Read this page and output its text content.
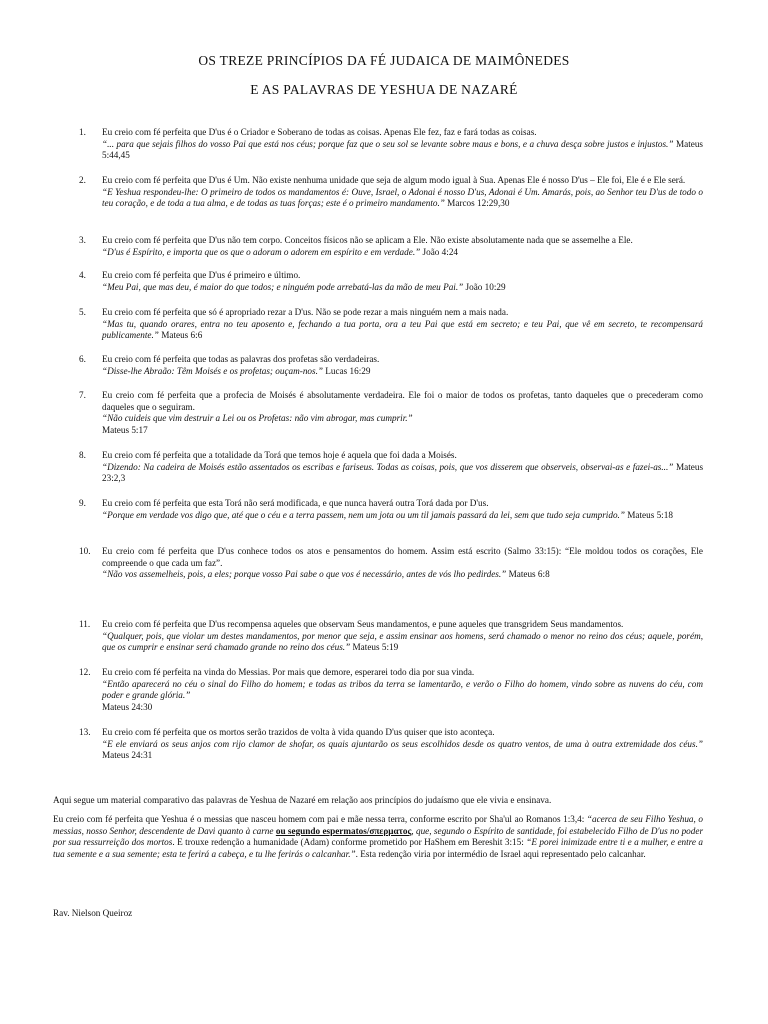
OS TREZE PRINCÍPIOS DA FÉ JUDAICA DE MAIMÔNEDES
E AS PALAVRAS DE YESHUA DE NAZARÉ
1. Eu creio com fé perfeita que D'us é o Criador e Soberano de todas as coisas. Apenas Ele fez, faz e fará todas as coisas.

“... para que sejais filhos do vosso Pai que está nos céus; porque faz que o seu sol se levante sobre maus e bons, e a chuva desça sobre justos e injustos.” Mateus 5:44,45

2. Eu creio com fé perfeita que D'us é Um. Não existe nenhuma unidade que seja de algum modo igual à Sua. Apenas Ele é nosso D'us – Ele foi, Ele é e Ele será.

“E Yeshua respondeu-lhe: O primeiro de todos os mandamentos é: Ouve, Israel, o Adonai é nosso D'us, Adonai é Um. Amarás, pois, ao Senhor teu D'us de todo o teu coração, e de toda a tua alma, e de todas as tuas forças; este é o primeiro mandamento.” Marcos 12:29,30

3. Eu creio com fé perfeita que D'us não tem corpo. Conceitos físicos não se aplicam a Ele. Não existe absolutamente nada que se assemelhe a Ele.

“D'us é Espírito, e importa que os que o adoram o adorem em espírito e em verdade.” João 4:24

4. Eu creio com fé perfeita que D'us é primeiro e último.

“Meu Pai, que mas deu, é maior do que todos; e ninguém pode arrebatá-las da mão de meu Pai.” João 10:29

5. Eu creio com fé perfeita que só é apropriado rezar a D'us. Não se pode rezar a mais ninguém nem a mais nada.

“Mas tu, quando orares, entra no teu aposento e, fechando a tua porta, ora a teu Pai que está em secreto; e teu Pai, que vê em secreto, te recompensará publicamente.” Mateus 6:6

6. Eu creio com fé perfeita que todas as palavras dos profetas são verdadeiras.

“Disse-lhe Abraão: Têm Moisés e os profetas; ouçam-nos.” Lucas 16:29

7. Eu creio com fé perfeita que a profecia de Moisés é absolutamente verdadeira. Ele foi o maior de todos os profetas, tanto daqueles que o precederam como daqueles que o seguiram.

“Não cuideis que vim destruir a Lei ou os Profetas: não vim abrogar, mas cumprir.”
Mateus 5:17

8. Eu creio com fé perfeita que a totalidade da Torá que temos hoje é aquela que foi dada a Moisés.

“Dizendo: Na cadeira de Moisés estão assentados os escribas e fariseus. Todas as coisas, pois, que vos disserem que observeis, observai-as e fazei-as...” Mateus 23:2,3

9. Eu creio com fé perfeita que esta Torá não será modificada, e que nunca haverá outra Torá dada por D'us.

“Porque em verdade vos digo que, até que o céu e a terra passem, nem um jota ou um til jamais passará da lei, sem que tudo seja cumprido.” Mateus 5:18

10. Eu creio com fé perfeita que D'us conhece todos os atos e pensamentos do homem. Assim está escrito (Salmo 33:15): “Ele moldou todos os corações, Ele compreende o que cada um faz”.

“Não vos assemelheis, pois, a eles; porque vosso Pai sabe o que vos é necessário, antes de vós lho pedirdes.” Mateus 6:8

11. Eu creio com fé perfeita que D'us recompensa aqueles que observam Seus mandamentos, e pune aqueles que transgridem Seus mandamentos.

“Qualquer, pois, que violar um destes mandamentos, por menor que seja, e assim ensinar aos homens, será chamado o menor no reino dos céus; aquele, porém, que os cumprir e ensinar será chamado grande no reino dos céus.” Mateus 5:19

12. Eu creio com fé perfeita na vinda do Messias. Por mais que demore, esperarei todo dia por sua vinda.

“Então aparecerá no céu o sinal do Filho do homem; e todas as tribos da terra se lamentarão, e verão o Filho do homem, vindo sobre as nuvens do céu, com poder e grande glória.”
Mateus 24:30

13. Eu creio com fé perfeita que os mortos serão trazidos de volta à vida quando D'us quiser que isto aconteça.

“E ele enviará os seus anjos com rijo clamor de shofar, os quais ajuntarão os seus escolhidos desde os quatro ventos, de uma à outra extremidade dos céus.” Mateus 24:31

Aqui segue um material comparativo das palavras de Yeshua de Nazaré em relação aos princípios do judaísmo que ele vivia e ensinava.

Eu creio com fé perfeita que Yeshua é o messias que nasceu homem com pai e mãe nessa terra, conforme escrito por Sha'ul ao Romanos 1:3,4: “acerca de seu Filho Yeshua, o messias, nosso Senhor, descendente de Davi quanto à carne ou segundo espermatos/σπερματος, que, segundo o Espírito de santidade, foi estabelecido Filho de D'us no poder por sua ressurreição dos mortos. E trouxe redenção a humanidade (Adam) conforme prometido por HaShem em Bereshit 3:15: “E porei inimizade entre ti e a mulher, e entre a tua semente e a sua semente; esta te ferirá a cabeça, e tu lhe ferirás o calcanhar.”. Esta redenção viria por intermédio de Israel aqui representado pelo calcanhar.

Rav. Nielson Queiroz
